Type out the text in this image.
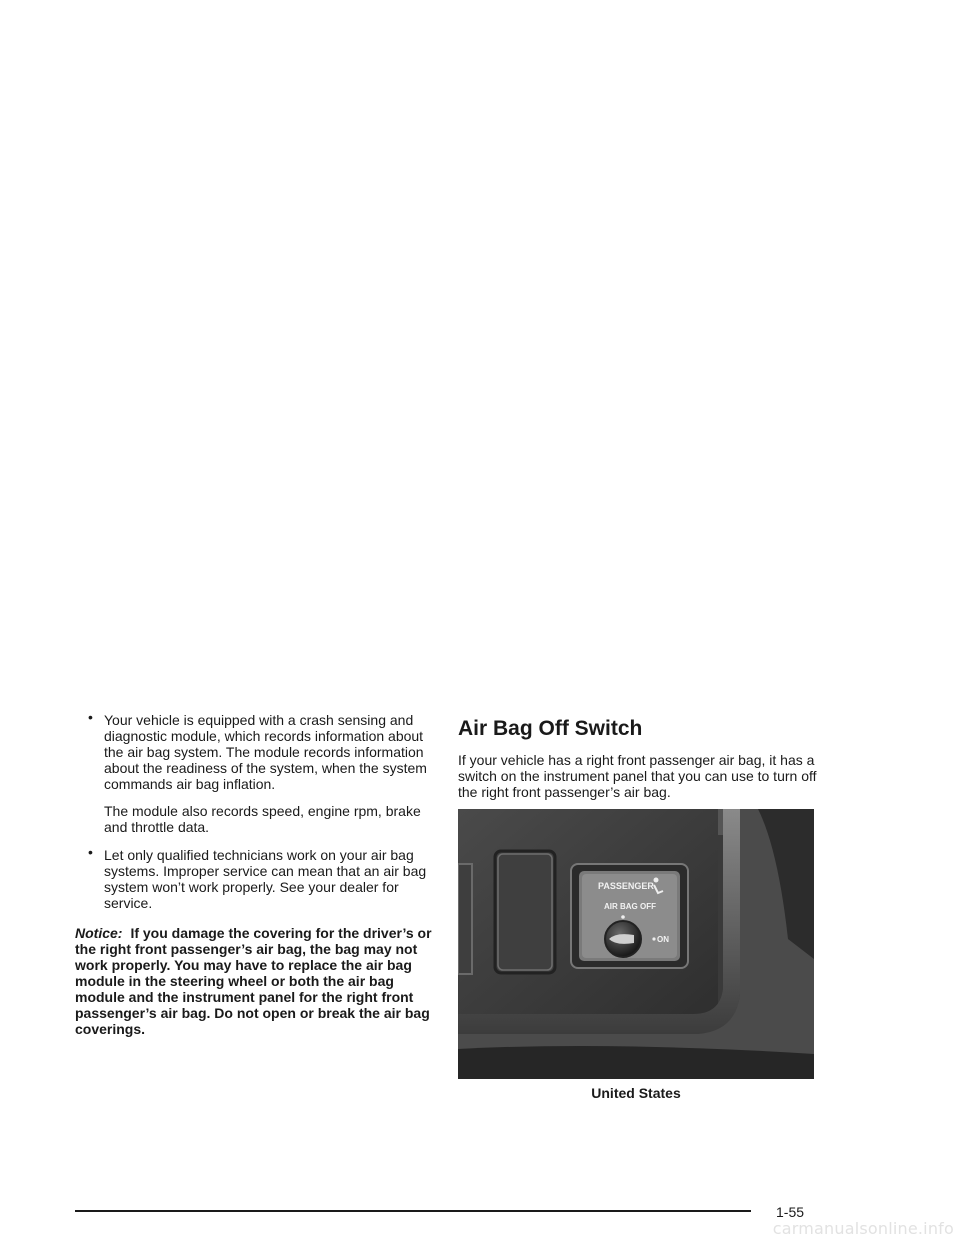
• Your vehicle is equipped with a crash sensing and diagnostic module, which records information about the air bag system. The module records information about the readiness of the system, when the system commands air bag inflation.

The module also records speed, engine rpm, brake and throttle data.

• Let only qualified technicians work on your air bag systems. Improper service can mean that an air bag system won’t work properly. See your dealer for service.

Notice: If you damage the covering for the driver’s or the right front passenger’s air bag, the bag may not work properly. You may have to replace the air bag module in the steering wheel or both the air bag module and the instrument panel for the right front passenger’s air bag. Do not open or break the air bag coverings.
Air Bag Off Switch

If your vehicle has a right front passenger air bag, it has a switch on the instrument panel that you can use to turn off the right front passenger’s air bag.

PASSENGER
AIR BAG OFF
ON
United States
1-55
carmanualsonline.info
